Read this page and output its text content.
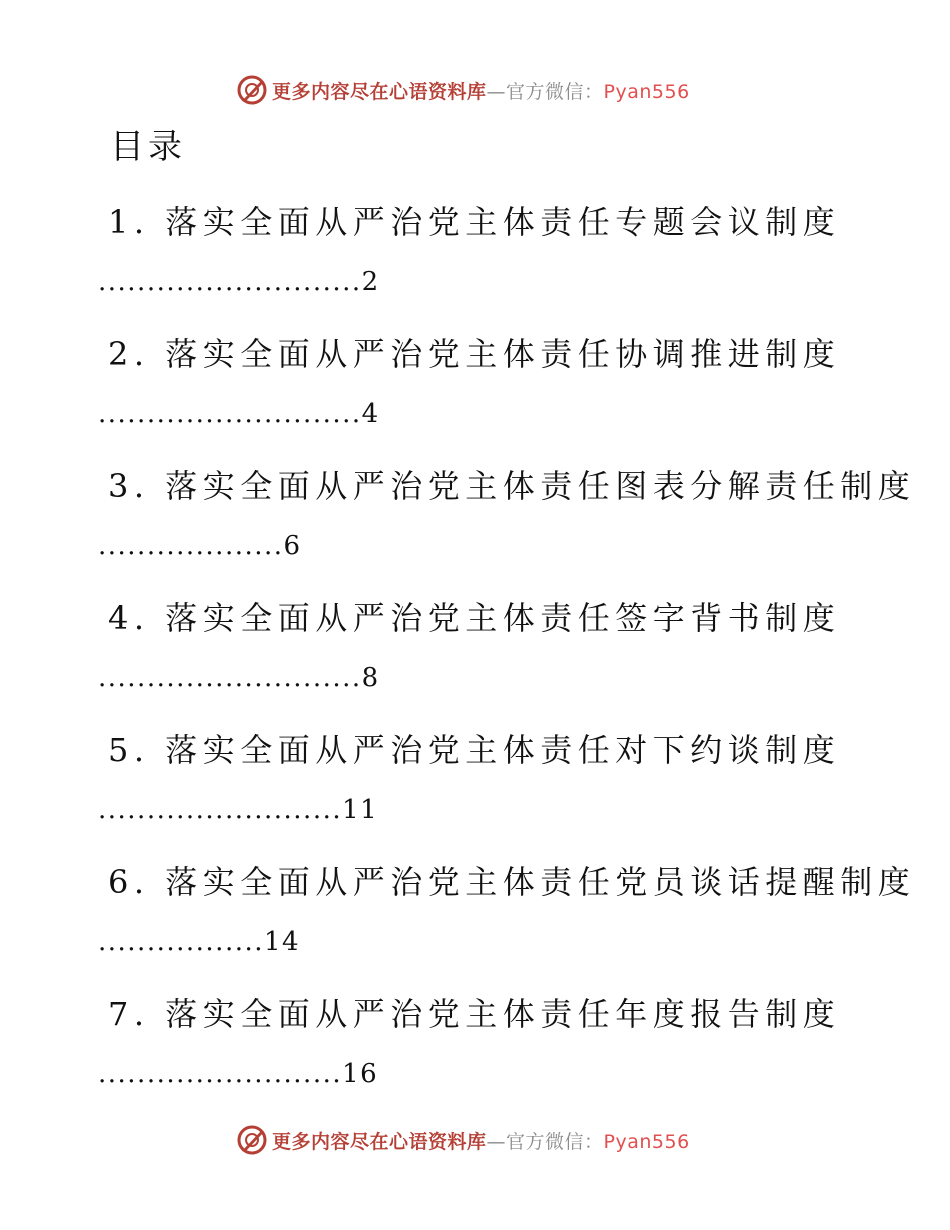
更多内容尽在心语资料库—官方微信：Pyan556
目录
1. 落实全面从严治党主体责任专题会议制度
...........................2
2. 落实全面从严治党主体责任协调推进制度
...........................4
3. 落实全面从严治党主体责任图表分解责任制度
...................6
4. 落实全面从严治党主体责任签字背书制度
...........................8
5. 落实全面从严治党主体责任对下约谈制度
.........................11
6. 落实全面从严治党主体责任党员谈话提醒制度
.................14
7. 落实全面从严治党主体责任年度报告制度
.........................16
更多内容尽在心语资料库—官方微信：Pyan556
